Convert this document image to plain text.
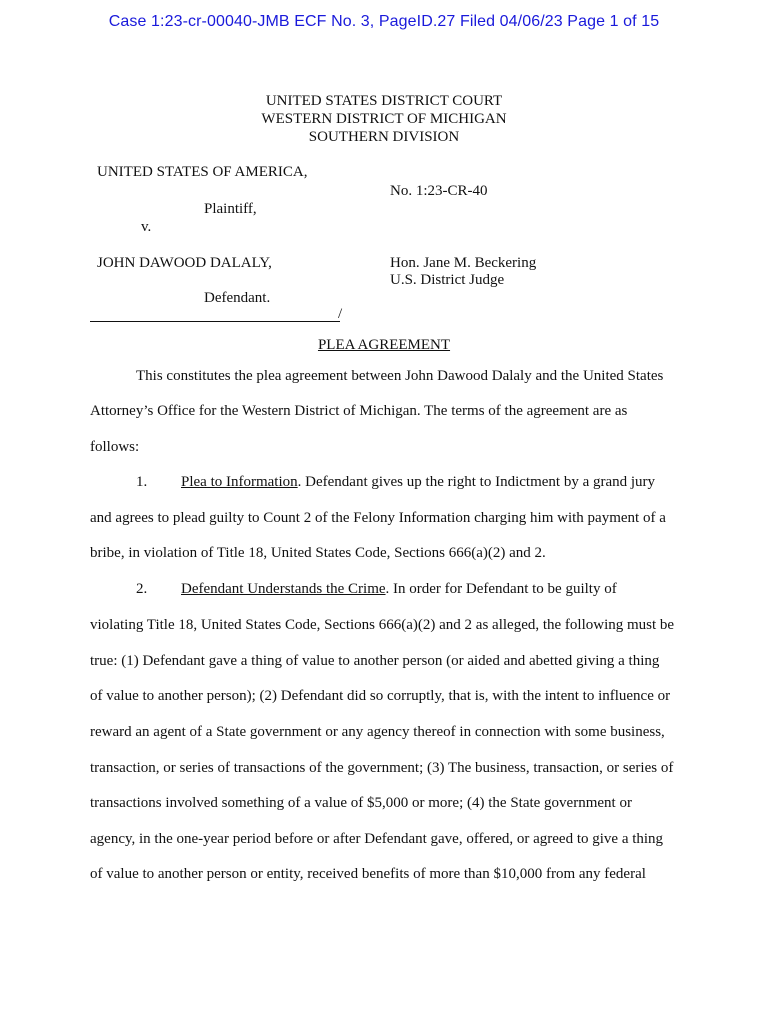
Case 1:23-cr-00040-JMB ECF No. 3, PageID.27 Filed 04/06/23 Page 1 of 15
UNITED STATES DISTRICT COURT
WESTERN DISTRICT OF MICHIGAN
SOUTHERN DIVISION
UNITED STATES OF AMERICA,
No. 1:23-CR-40
Plaintiff,
v.
JOHN DAWOOD DALALY,	Hon. Jane M. Beckering
U.S. District Judge
Defendant.
/
PLEA AGREEMENT
This constitutes the plea agreement between John Dawood Dalaly and the United States
Attorney’s Office for the Western District of Michigan. The terms of the agreement are as
follows:
1. Plea to Information. Defendant gives up the right to Indictment by a grand jury
and agrees to plead guilty to Count 2 of the Felony Information charging him with payment of a
bribe, in violation of Title 18, United States Code, Sections 666(a)(2) and 2.
2. Defendant Understands the Crime. In order for Defendant to be guilty of
violating Title 18, United States Code, Sections 666(a)(2) and 2 as alleged, the following must be
true: (1) Defendant gave a thing of value to another person (or aided and abetted giving a thing
of value to another person); (2) Defendant did so corruptly, that is, with the intent to influence or
reward an agent of a State government or any agency thereof in connection with some business,
transaction, or series of transactions of the government; (3) The business, transaction, or series of
transactions involved something of a value of $5,000 or more; (4) the State government or
agency, in the one-year period before or after Defendant gave, offered, or agreed to give a thing
of value to another person or entity, received benefits of more than $10,000 from any federal
